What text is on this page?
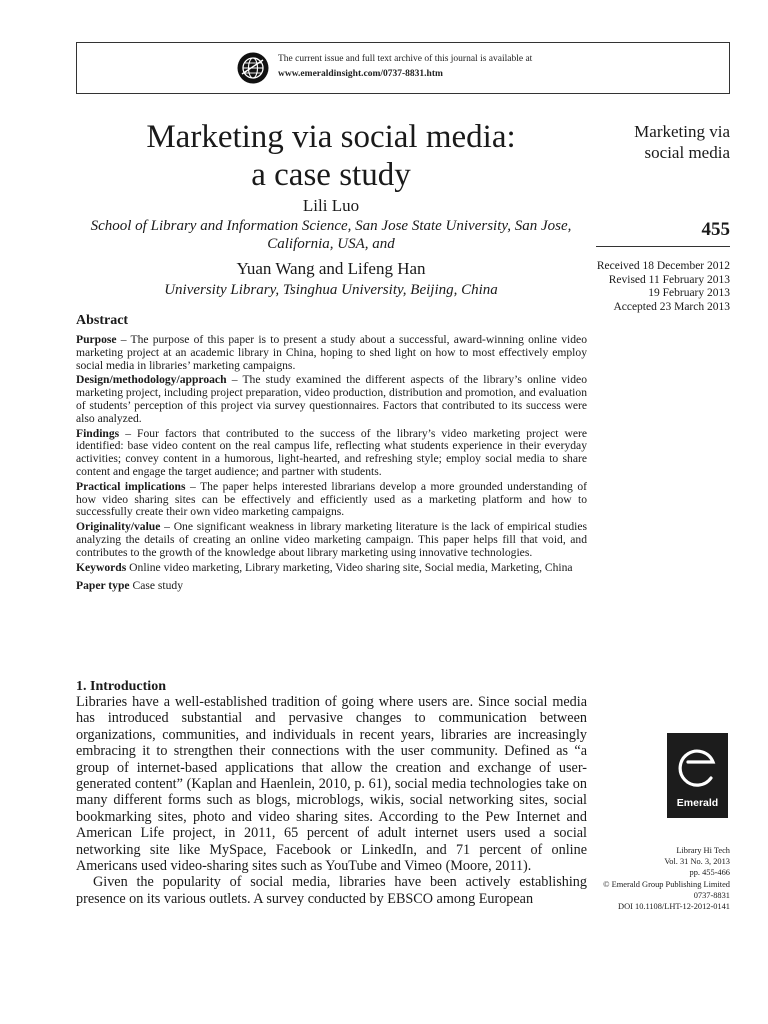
The current issue and full text archive of this journal is available at
www.emeraldinsight.com/0737-8831.htm
Marketing via social media:
a case study
Lili Luo
School of Library and Information Science, San Jose State University, San Jose,
California, USA, and
Yuan Wang and Lifeng Han
University Library, Tsinghua University, Beijing, China
Marketing via
social media
455
Received 18 December 2012
Revised 11 February 2013
19 February 2013
Accepted 23 March 2013
Abstract

Purpose – The purpose of this paper is to present a study about a successful, award-winning online video marketing project at an academic library in China, hoping to shed light on how to most effectively employ social media in libraries’ marketing campaigns.

Design/methodology/approach – The study examined the different aspects of the library’s online video marketing project, including project preparation, video production, distribution and promotion, and evaluation of students’ perception of this project via survey questionnaires. Factors that contributed to its success were also analyzed.

Findings – Four factors that contributed to the success of the library’s video marketing project were identified: base video content on the real campus life, reflecting what students experience in their everyday activities; convey content in a humorous, light-hearted, and refreshing style; employ social media to share content and engage the target audience; and partner with students.

Practical implications – The paper helps interested librarians develop a more grounded understanding of how video sharing sites can be effectively and efficiently used as a marketing platform and how to successfully create their own video marketing campaigns.

Originality/value – One significant weakness in library marketing literature is the lack of empirical studies analyzing the details of creating an online video marketing campaign. This paper helps fill that void, and contributes to the growth of the knowledge about library marketing using innovative technologies.

Keywords Online video marketing, Library marketing, Video sharing site, Social media, Marketing, China

Paper type Case study

1. Introduction

Libraries have a well-established tradition of going where users are. Since social media has introduced substantial and pervasive changes to communication between organizations, communities, and individuals in recent years, libraries are increasingly embracing it to strengthen their connections with the user community. Defined as “a group of internet-based applications that allow the creation and exchange of user-generated content” (Kaplan and Haenlein, 2010, p. 61), social media technologies take on many different forms such as blogs, microblogs, wikis, social networking sites, social bookmarking sites, photo and video sharing sites. According to the Pew Internet and American Life project, in 2011, 65 percent of adult internet users used a social networking site like MySpace, Facebook or LinkedIn, and 71 percent of online Americans used video-sharing sites such as YouTube and Vimeo (Moore, 2011).

Given the popularity of social media, libraries have been actively establishing presence on its various outlets. A survey conducted by EBSCO among European

Emerald
Library Hi Tech
Vol. 31 No. 3, 2013
pp. 455-466
© Emerald Group Publishing Limited
0737-8831
DOI 10.1108/LHT-12-2012-0141
